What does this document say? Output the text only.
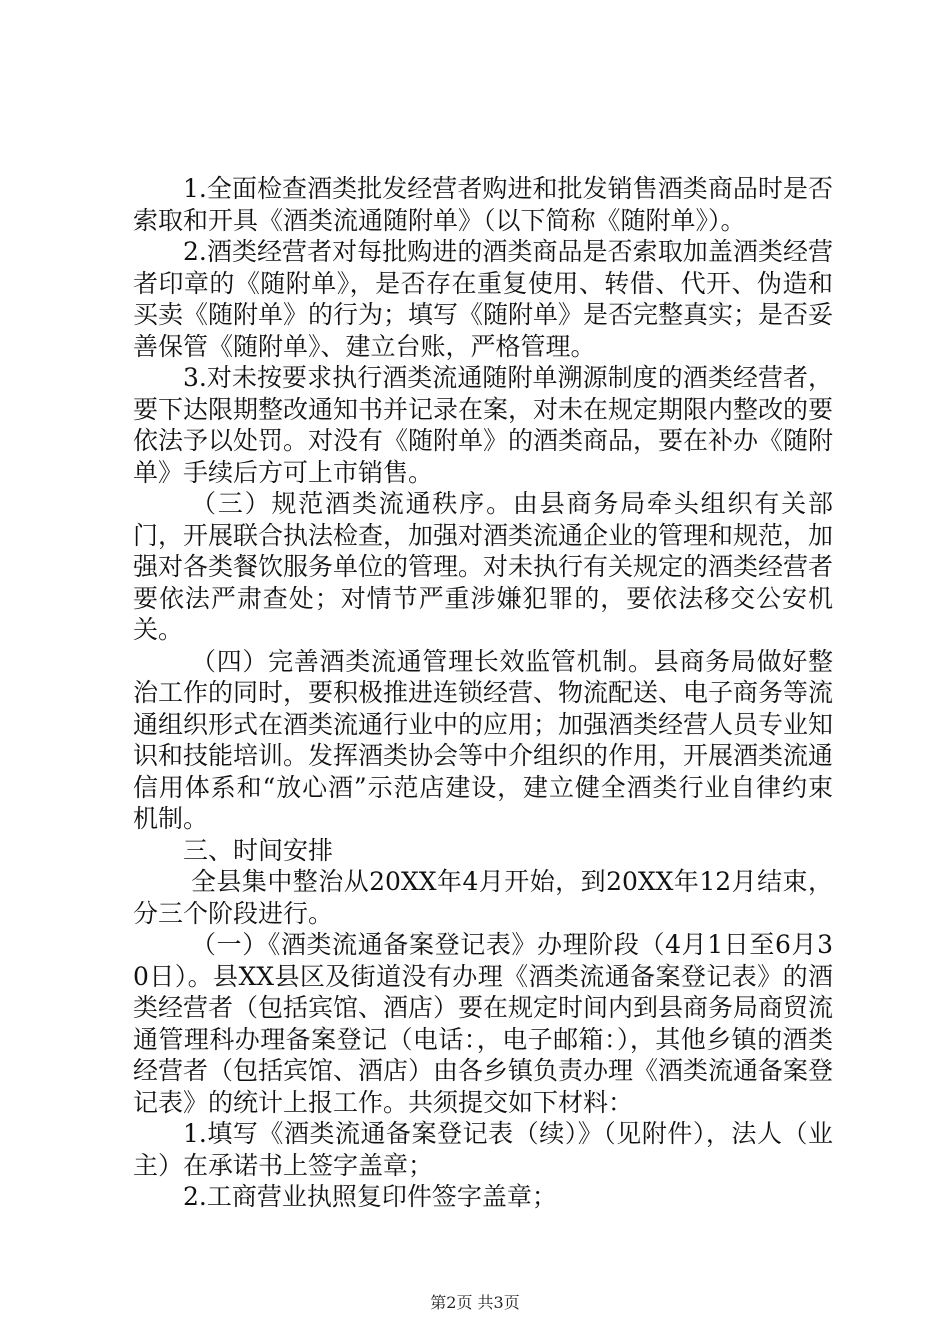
1.全面检查酒类批发经营者购进和批发销售酒类商品时是否索取和开具《酒类流通随附单》（以下简称《随附单》）。

2.酒类经营者对每批购进的酒类商品是否索取加盖酒类经营者印章的《随附单》，是否存在重复使用、转借、代开、伪造和买卖《随附单》的行为；填写《随附单》是否完整真实；是否妥善保管《随附单》、建立台账，严格管理。

3.对未按要求执行酒类流通随附单溯源制度的酒类经营者，要下达限期整改通知书并记录在案，对未在规定期限内整改的要依法予以处罚。对没有《随附单》的酒类商品，要在补办《随附单》手续后方可上市销售。

（三）规范酒类流通秩序。由县商务局牵头组织有关部门，开展联合执法检查，加强对酒类流通企业的管理和规范，加强对各类餐饮服务单位的管理。对未执行有关规定的酒类经营者要依法严肃查处；对情节严重涉嫌犯罪的，要依法移交公安机关。

（四）完善酒类流通管理长效监管机制。县商务局做好整治工作的同时，要积极推进连锁经营、物流配送、电子商务等流通组织形式在酒类流通行业中的应用；加强酒类经营人员专业知识和技能培训。发挥酒类协会等中介组织的作用，开展酒类流通信用体系和“放心酒”示范店建设，建立健全酒类行业自律约束机制。

三、时间安排

全县集中整治从20XX年4月开始，到20XX年12月结束，分三个阶段进行。

（一）《酒类流通备案登记表》办理阶段（4月1日至6月30日）。县XX县区及街道没有办理《酒类流通备案登记表》的酒类经营者（包括宾馆、酒店）要在规定时间内到县商务局商贸流通管理科办理备案登记（电话：，电子邮箱：），其他乡镇的酒类经营者（包括宾馆、酒店）由各乡镇负责办理《酒类流通备案登记表》的统计上报工作。共须提交如下材料：

1.填写《酒类流通备案登记表（续）》（见附件），法人（业主）在承诺书上签字盖章；

2.工商营业执照复印件签字盖章；

第2页 共3页
